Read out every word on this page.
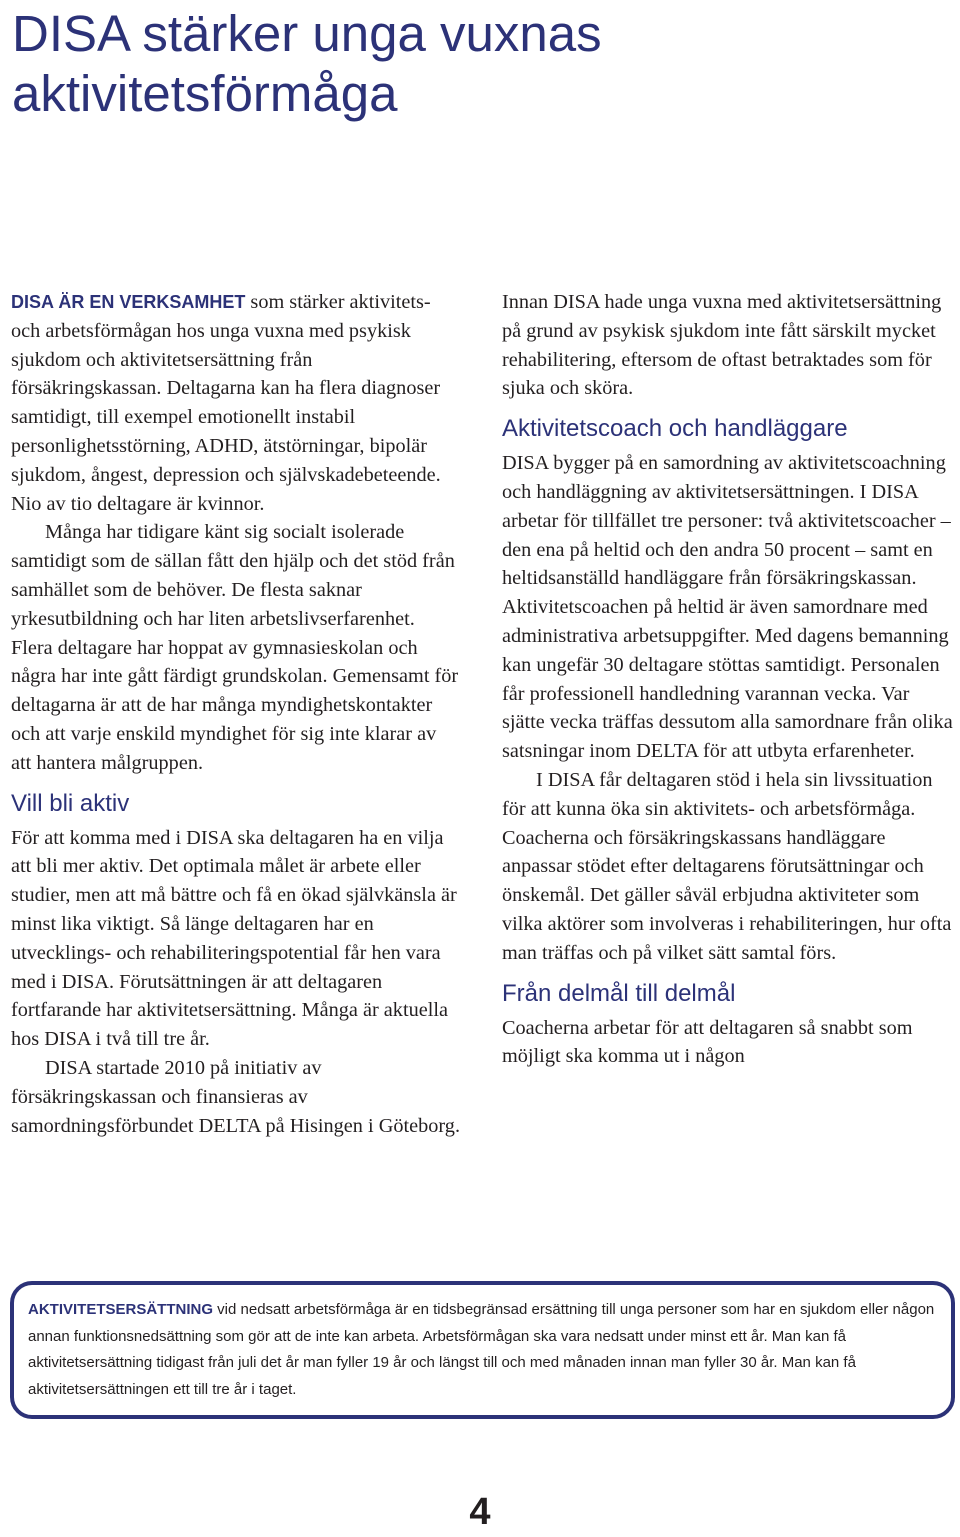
DISA stärker unga vuxnas
aktivitetsförmåga

DISA ÄR EN VERKSAMHET som stärker aktivitets- och arbetsförmågan hos unga vuxna med psykisk sjukdom och aktivitetsersättning från försäkringskassan. Deltagarna kan ha flera diagnoser samtidigt, till exempel emotionellt instabil personlighetsstörning, ADHD, ätstörningar, bipolär sjukdom, ångest, depression och självskadebeteende. Nio av tio deltagare är kvinnor.

Många har tidigare känt sig socialt isolerade samtidigt som de sällan fått den hjälp och det stöd från samhället som de behöver. De flesta saknar yrkesutbildning och har liten arbetslivserfarenhet. Flera deltagare har hoppat av gymnasieskolan och några har inte gått färdigt grundskolan. Gemensamt för deltagarna är att de har många myndighetskontakter och att varje enskild myndighet för sig inte klarar av att hantera målgruppen.

Vill bli aktiv

För att komma med i DISA ska deltagaren ha en vilja att bli mer aktiv. Det optimala målet är arbete eller studier, men att må bättre och få en ökad självkänsla är minst lika viktigt. Så länge deltagaren har en utvecklings- och rehabiliteringspotential får hen vara med i DISA. Förutsättningen är att deltagaren fortfarande har aktivitetsersättning. Många är aktuella hos DISA i två till tre år.

DISA startade 2010 på initiativ av försäkringskassan och finansieras av samordningsförbundet DELTA på Hisingen i Göteborg.

Innan DISA hade unga vuxna med aktivitetsersättning på grund av psykisk sjukdom inte fått särskilt mycket rehabilitering, eftersom de oftast betraktades som för sjuka och sköra.

Aktivitetscoach och handläggare

DISA bygger på en samordning av aktivitetscoachning och handläggning av aktivitetsersättningen. I DISA arbetar för tillfället tre personer: två aktivitetscoacher – den ena på heltid och den andra 50 procent – samt en heltidsanställd handläggare från försäkringskassan. Aktivitetscoachen på heltid är även samordnare med administrativa arbetsuppgifter. Med dagens bemanning kan ungefär 30 deltagare stöttas samtidigt. Personalen får professionell handledning varannan vecka. Var sjätte vecka träffas dessutom alla samordnare från olika satsningar inom DELTA för att utbyta erfarenheter.

I DISA får deltagaren stöd i hela sin livssituation för att kunna öka sin aktivitets- och arbetsförmåga. Coacherna och försäkringskassans handläggare anpassar stödet efter deltagarens förutsättningar och önskemål. Det gäller såväl erbjudna aktiviteter som vilka aktörer som involveras i rehabiliteringen, hur ofta man träffas och på vilket sätt samtal förs.

Från delmål till delmål

Coacherna arbetar för att deltagaren så snabbt som möjligt ska komma ut i någon

AKTIVITETSERSÄTTNING vid nedsatt arbetsförmåga är en tidsbegränsad ersättning till unga personer som har en sjukdom eller någon annan funktionsnedsättning som gör att de inte kan arbeta. Arbetsförmågan ska vara nedsatt under minst ett år. Man kan få aktivitetsersättning tidigast från juli det år man fyller 19 år och längst till och med månaden innan man fyller 30 år. Man kan få aktivitetsersättningen ett till tre år i taget.
4
